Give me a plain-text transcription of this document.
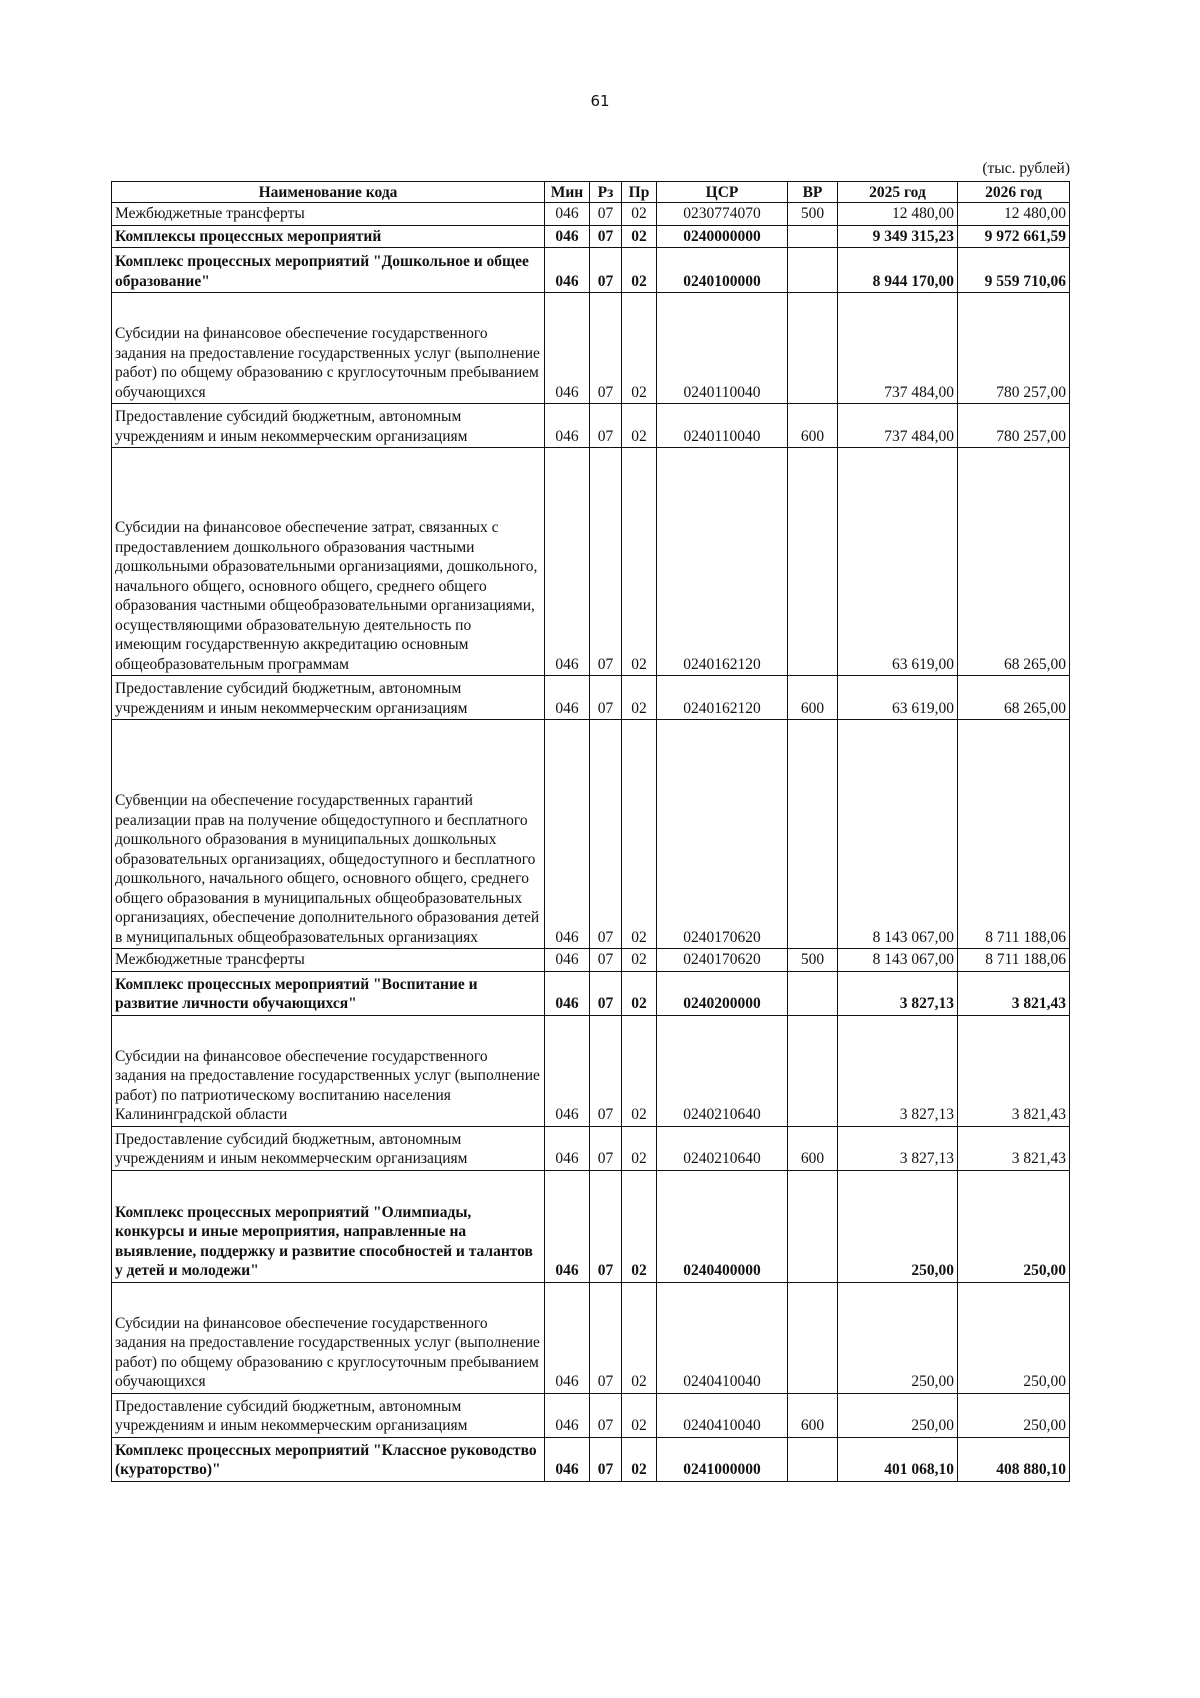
61
(тыс. рублей)
Наименование кода	Мин	Рз	Пр	ЦСР	ВР	2025 год	2026 год
Межбюджетные трансферты	046	07	02	0230774070	500	12 480,00	12 480,00
Комплексы процессных мероприятий	046	07	02	0240000000		9 349 315,23	9 972 661,59
Комплекс процессных мероприятий "Дошкольное и общее образование"	046	07	02	0240100000		8 944 170,00	9 559 710,06
Субсидии на финансовое обеспечение государственного задания на предоставление государственных услуг (выполнение работ) по общему образованию с круглосуточным пребыванием обучающихся	046	07	02	0240110040		737 484,00	780 257,00
Предоставление субсидий бюджетным, автономным учреждениям и иным некоммерческим организациям	046	07	02	0240110040	600	737 484,00	780 257,00
Субсидии на финансовое обеспечение затрат, связанных с предоставлением дошкольного образования частными дошкольными образовательными организациями, дошкольного, начального общего, основного общего, среднего общего образования частными общеобразовательными организациями, осуществляющими образовательную деятельность по имеющим государственную аккредитацию основным общеобразовательным программам	046	07	02	0240162120		63 619,00	68 265,00
Предоставление субсидий бюджетным, автономным учреждениям и иным некоммерческим организациям	046	07	02	0240162120	600	63 619,00	68 265,00
Субвенции на обеспечение государственных гарантий реализации прав на получение общедоступного и бесплатного дошкольного образования в муниципальных дошкольных образовательных организациях, общедоступного и бесплатного дошкольного, начального общего, основного общего, среднего общего образования в муниципальных общеобразовательных организациях, обеспечение дополнительного образования детей в муниципальных общеобразовательных организациях	046	07	02	0240170620		8 143 067,00	8 711 188,06
Межбюджетные трансферты	046	07	02	0240170620	500	8 143 067,00	8 711 188,06
Комплекс процессных мероприятий "Воспитание и развитие личности обучающихся"	046	07	02	0240200000		3 827,13	3 821,43
Субсидии на финансовое обеспечение государственного задания на предоставление государственных услуг (выполнение работ) по патриотическому воспитанию населения Калининградской области	046	07	02	0240210640		3 827,13	3 821,43
Предоставление субсидий бюджетным, автономным учреждениям и иным некоммерческим организациям	046	07	02	0240210640	600	3 827,13	3 821,43
Комплекс процессных мероприятий "Олимпиады, конкурсы и иные мероприятия, направленные на выявление, поддержку и развитие способностей и талантов у детей и молодежи"	046	07	02	0240400000		250,00	250,00
Субсидии на финансовое обеспечение государственного задания на предоставление государственных услуг (выполнение работ) по общему образованию с круглосуточным пребыванием обучающихся	046	07	02	0240410040		250,00	250,00
Предоставление субсидий бюджетным, автономным учреждениям и иным некоммерческим организациям	046	07	02	0240410040	600	250,00	250,00
Комплекс процессных мероприятий "Классное руководство (кураторство)"	046	07	02	0241000000		401 068,10	408 880,10
